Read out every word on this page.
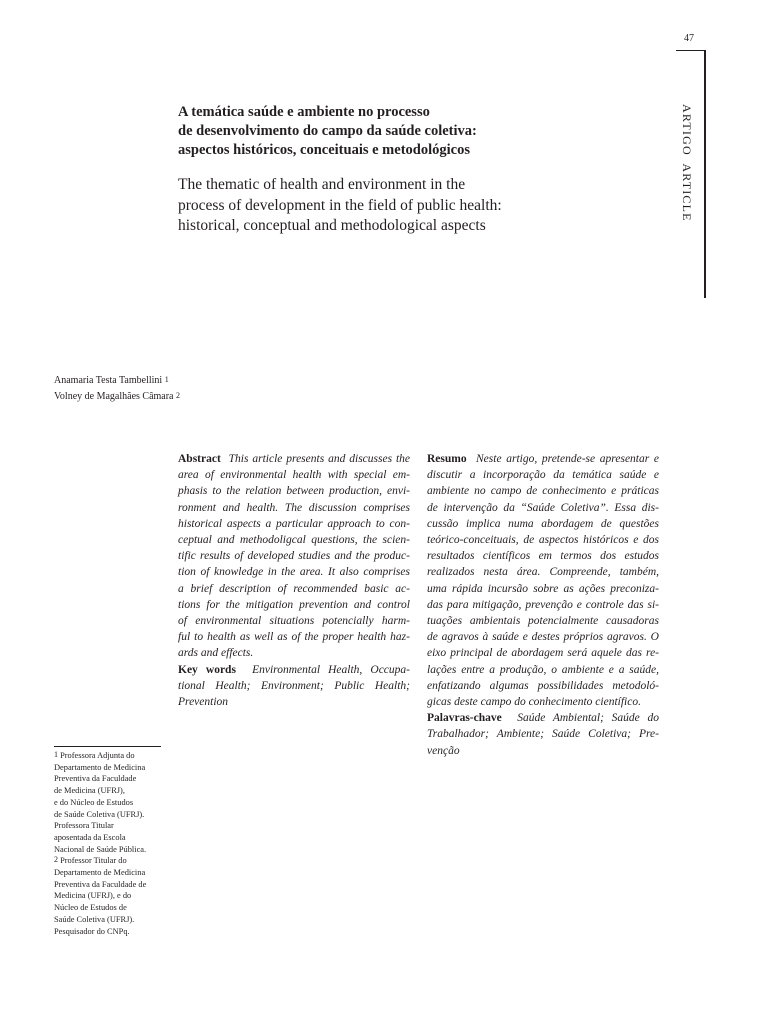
47
ARTIGO ARTICLE
A temática saúde e ambiente no processo
de desenvolvimento do campo da saúde coletiva:
aspectos históricos, conceituais e metodológicos
The thematic of health and environment in the
process of development in the field of public health:
historical, conceptual and methodological aspects
Anamaria Testa Tambellini $^1$
Volney de Magalhães Câmara $^2$
Abstract This article presents and discusses the
area of environmental health with special em-
phasis to the relation between production, envi-
ronment and health. The discussion comprises
historical aspects a particular approach to con-
ceptual and methodoligcal questions, the scien-
tific results of developed studies and the produc-
tion of knowledge in the area. It also comprises
a brief description of recommended basic ac-
tions for the mitigation prevention and control
of environmental situations potencially harm-
ful to health as well as of the proper health haz-
ards and effects.
Key words Environmental Health, Occupa-
tional Health; Environment; Public Health;
Prevention
Resumo Neste artigo, pretende-se apresentar e
discutir a incorporação da temática saúde e
ambiente no campo de conhecimento e práticas
de intervenção da “Saúde Coletiva”. Essa dis-
cussão implica numa abordagem de questões
teórico-conceituais, de aspectos históricos e dos
resultados científicos em termos dos estudos
realizados nesta área. Compreende, também,
uma rápida incursão sobre as ações preconiza-
das para mitigação, prevenção e controle das si-
tuações ambientais potencialmente causadoras
de agravos à saúde e destes próprios agravos. O
eixo principal de abordagem será aquele das re-
lações entre a produção, o ambiente e a saúde,
enfatizando algumas possibilidades metodoló-
gicas deste campo do conhecimento científico.
Palavras-chave Saúde Ambiental; Saúde do
Trabalhador; Ambiente; Saúde Coletiva; Pre-
venção
$^1$ Professora Adjunta do
Departamento de Medicina
Preventiva da Faculdade
de Medicina (UFRJ),
e do Núcleo de Estudos
de Saúde Coletiva (UFRJ).
Professora Titular
aposentada da Escola
Nacional de Saúde Pública.
$^2$ Professor Titular do
Departamento de Medicina
Preventiva da Faculdade de
Medicina (UFRJ), e do
Núcleo de Estudos de
Saúde Coletiva (UFRJ).
Pesquisador do CNPq.
